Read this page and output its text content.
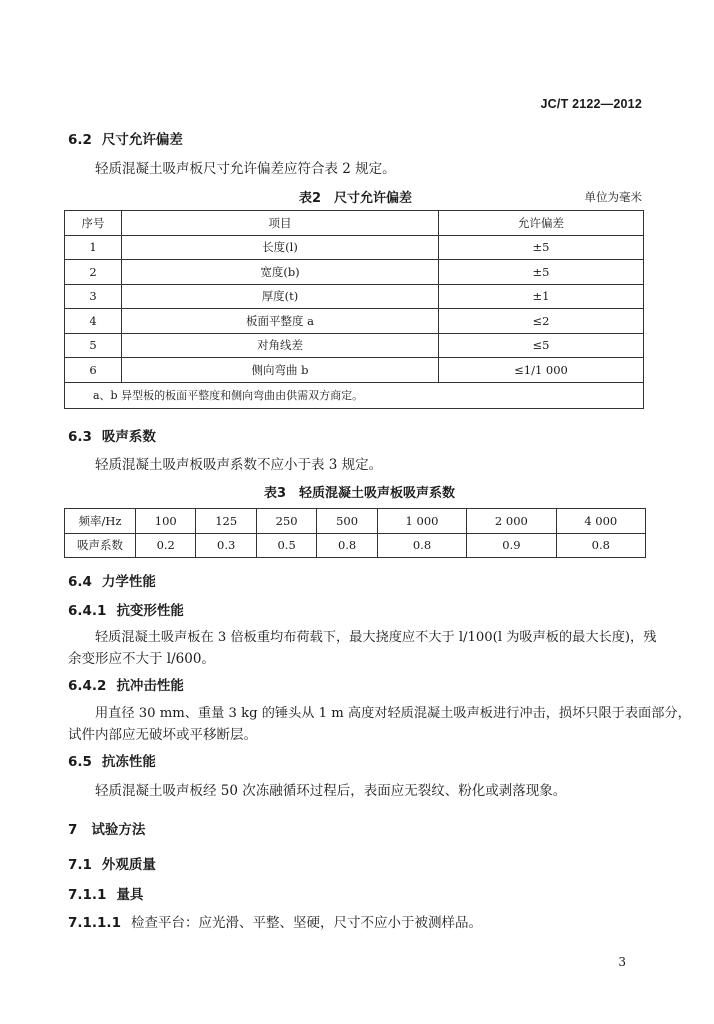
JC/T 2122—2012
6.2 尺寸允许偏差
轻质混凝土吸声板尺寸允许偏差应符合表 2 规定。
表2　尺寸允许偏差	单位为毫米
序号	项目	允许偏差
1	长度(l)	±5
2	宽度(b)	±5
3	厚度(t)	±1
4	板面平整度 a	≤2
5	对角线差	≤5
6	侧向弯曲 b	≤1/1 000
a、b 异型板的板面平整度和侧向弯曲由供需双方商定。		
6.3 吸声系数
轻质混凝土吸声板吸声系数不应小于表 3 规定。
表3　轻质混凝土吸声板吸声系数
频率/Hz	100	125	250	500	1 000	2 000	4 000
吸声系数	0.2	0.3	0.5	0.8	0.8	0.9	0.8
6.4 力学性能
6.4.1 抗变形性能
轻质混凝土吸声板在 3 倍板重均布荷载下，最大挠度应不大于 l/100(l 为吸声板的最大长度)，残
余变形应不大于 l/600。
6.4.2 抗冲击性能
用直径 30 mm、重量 3 kg 的锤头从 1 m 高度对轻质混凝土吸声板进行冲击，损坏只限于表面部分，
试件内部应无破坏或平移断层。
6.5 抗冻性能
轻质混凝土吸声板经 50 次冻融循环过程后，表面应无裂纹、粉化或剥落现象。
7 试验方法
7.1 外观质量
7.1.1 量具
7.1.1.1 检查平台：应光滑、平整、坚硬，尺寸不应小于被测样品。
3
